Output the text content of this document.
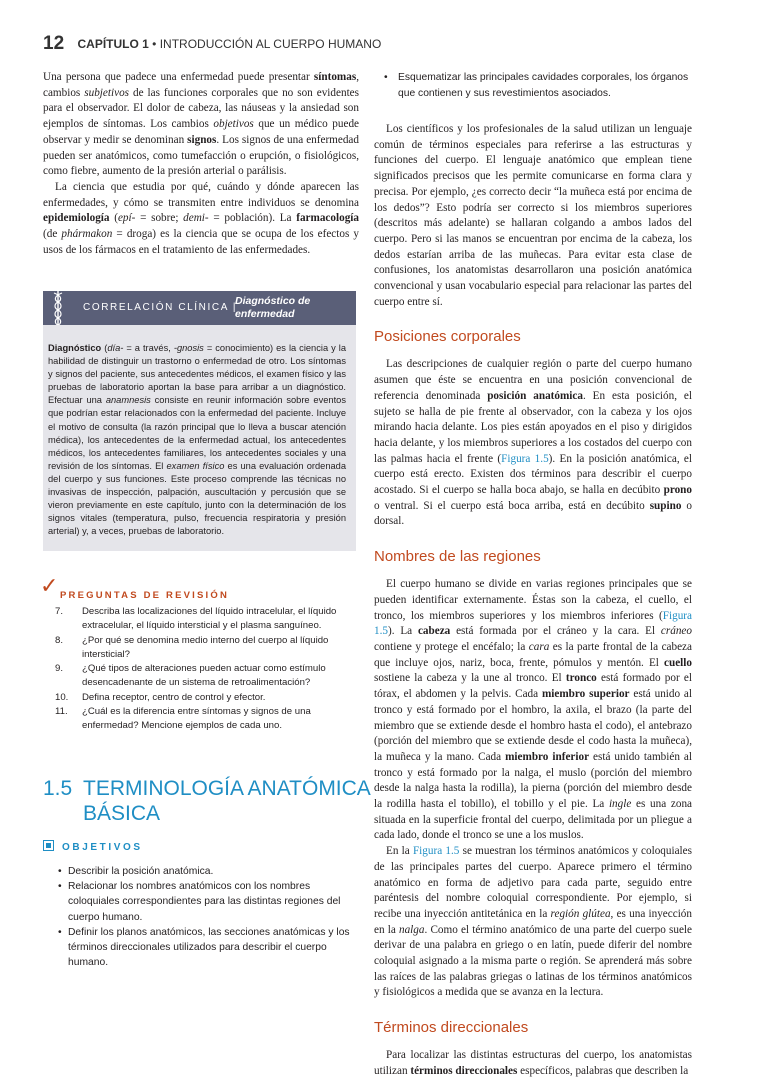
12 CAPÍTULO 1 • INTRODUCCIÓN AL CUERPO HUMANO

Una persona que padece una enfermedad puede presentar síntomas, cambios subjetivos de las funciones corporales que no son evidentes para el observador. El dolor de cabeza, las náuseas y la ansiedad son ejemplos de síntomas. Los cambios objetivos que un médico puede observar y medir se denominan signos. Los signos de una enfermedad pueden ser anatómicos, como tumefacción o erupción, o fisiológicos, como fiebre, aumento de la presión arterial o parálisis.

La ciencia que estudia por qué, cuándo y dónde aparecen las enfermedades, y cómo se transmiten entre individuos se denomina epidemiología (epí- = sobre; demi- = población). La farmacología (de phármakon = droga) es la ciencia que se ocupa de los efectos y usos de los fármacos en el tratamiento de las enfermedades.

CORRELACIÓN CLÍNICA |
Diagnóstico de
enfermedad

Diagnóstico (día- = a través, -gnosis = conocimiento) es la ciencia y la habilidad de distinguir un trastorno o enfermedad de otro. Los síntomas y signos del paciente, sus antecedentes médicos, el examen físico y las pruebas de laboratorio aportan la base para arribar a un diagnóstico. Efectuar una anamnesis consiste en reunir información sobre eventos que podrían estar relacionados con la enfermedad del paciente. Incluye el motivo de consulta (la razón principal que lo lleva a buscar atención médica), los antecedentes de la enfermedad actual, los antecedentes médicos, los antecedentes familiares, los antecedentes sociales y una revisión de los síntomas. El examen físico es una evaluación ordenada del cuerpo y sus funciones. Este proceso comprende las técnicas no invasivas de inspección, palpación, auscultación y percusión que se vieron previamente en este capítulo, junto con la determinación de los signos vitales (temperatura, pulso, frecuencia respiratoria y presión arterial) y, a veces, pruebas de laboratorio.

✓ PREGUNTAS DE REVISIÓN
7.	Describa las localizaciones del líquido intracelular, el líquido extracelular, el líquido intersticial y el plasma sanguíneo.
8.	¿Por qué se denomina medio interno del cuerpo al líquido intersticial?
9.	¿Qué tipos de alteraciones pueden actuar como estímulo desencadenante de un sistema de retroalimentación?
10.	Defina receptor, centro de control y efector.
11.	¿Cuál es la diferencia entre síntomas y signos de una enfermedad? Mencione ejemplos de cada uno.
1.5 TERMINOLOGÍA ANATÓMICA
BÁSICA
OBJETIVOS
• Describir la posición anatómica.
• Relacionar los nombres anatómicos con los nombres coloquiales correspondientes para las distintas regiones del cuerpo humano.
• Definir los planos anatómicos, las secciones anatómicas y los términos direccionales utilizados para describir el cuerpo humano.
•	Esquematizar las principales cavidades corporales, los órganos que contienen y sus revestimientos asociados.

Los científicos y los profesionales de la salud utilizan un lenguaje común de términos especiales para referirse a las estructuras y funciones del cuerpo. El lenguaje anatómico que emplean tiene significados precisos que les permite comunicarse en forma clara y precisa. Por ejemplo, ¿es correcto decir “la muñeca está por encima de los dedos”? Esto podría ser correcto si los miembros superiores (descritos más adelante) se hallaran colgando a ambos lados del cuerpo. Pero si las manos se encuentran por encima de la cabeza, los dedos estarían arriba de las muñecas. Para evitar esta clase de confusiones, los anatomistas desarrollaron una posición anatómica convencional y usan vocabulario especial para relacionar las partes del cuerpo entre sí.

Posiciones corporales

Las descripciones de cualquier región o parte del cuerpo humano asumen que éste se encuentra en una posición convencional de referencia denominada posición anatómica. En esta posición, el sujeto se halla de pie frente al observador, con la cabeza y los ojos mirando hacia delante. Los pies están apoyados en el piso y dirigidos hacia delante, y los miembros superiores a los costados del cuerpo con las palmas hacia el frente (Figura 1.5). En la posición anatómica, el cuerpo está erecto. Existen dos términos para describir el cuerpo acostado. Si el cuerpo se halla boca abajo, se halla en decúbito prono o ventral. Si el cuerpo está boca arriba, está en decúbito supino o dorsal.

Nombres de las regiones

El cuerpo humano se divide en varias regiones principales que se pueden identificar externamente. Éstas son la cabeza, el cuello, el tronco, los miembros superiores y los miembros inferiores (Figura 1.5). La cabeza está formada por el cráneo y la cara. El cráneo contiene y protege el encéfalo; la cara es la parte frontal de la cabeza que incluye ojos, nariz, boca, frente, pómulos y mentón. El cuello sostiene la cabeza y la une al tronco. El tronco está formado por el tórax, el abdomen y la pelvis. Cada miembro superior está unido al tronco y está formado por el hombro, la axila, el brazo (la parte del miembro que se extiende desde el hombro hasta el codo), el antebrazo (porción del miembro que se extiende desde el codo hasta la muñeca), la muñeca y la mano. Cada miembro inferior está unido también al tronco y está formado por la nalga, el muslo (porción del miembro desde la nalga hasta la rodilla), la pierna (porción del miembro desde la rodilla hasta el tobillo), el tobillo y el pie. La ingle es una zona situada en la superficie frontal del cuerpo, delimitada por un pliegue a cada lado, donde el tronco se une a los muslos.

En la Figura 1.5 se muestran los términos anatómicos y coloquiales de las principales partes del cuerpo. Aparece primero el término anatómico en forma de adjetivo para cada parte, seguido entre paréntesis del nombre coloquial correspondiente. Por ejemplo, si recibe una inyección antitetánica en la región glútea, es una inyección en la nalga. Como el término anatómico de una parte del cuerpo suele derivar de una palabra en griego o en latín, puede diferir del nombre coloquial asignado a la misma parte o región. Se aprenderá más sobre las raíces de las palabras griegas o latinas de los términos anatómicos y fisiológicos a medida que se avanza en la lectura.

Términos direccionales

Para localizar las distintas estructuras del cuerpo, los anatomistas utilizan términos direccionales específicos, palabras que describen la
